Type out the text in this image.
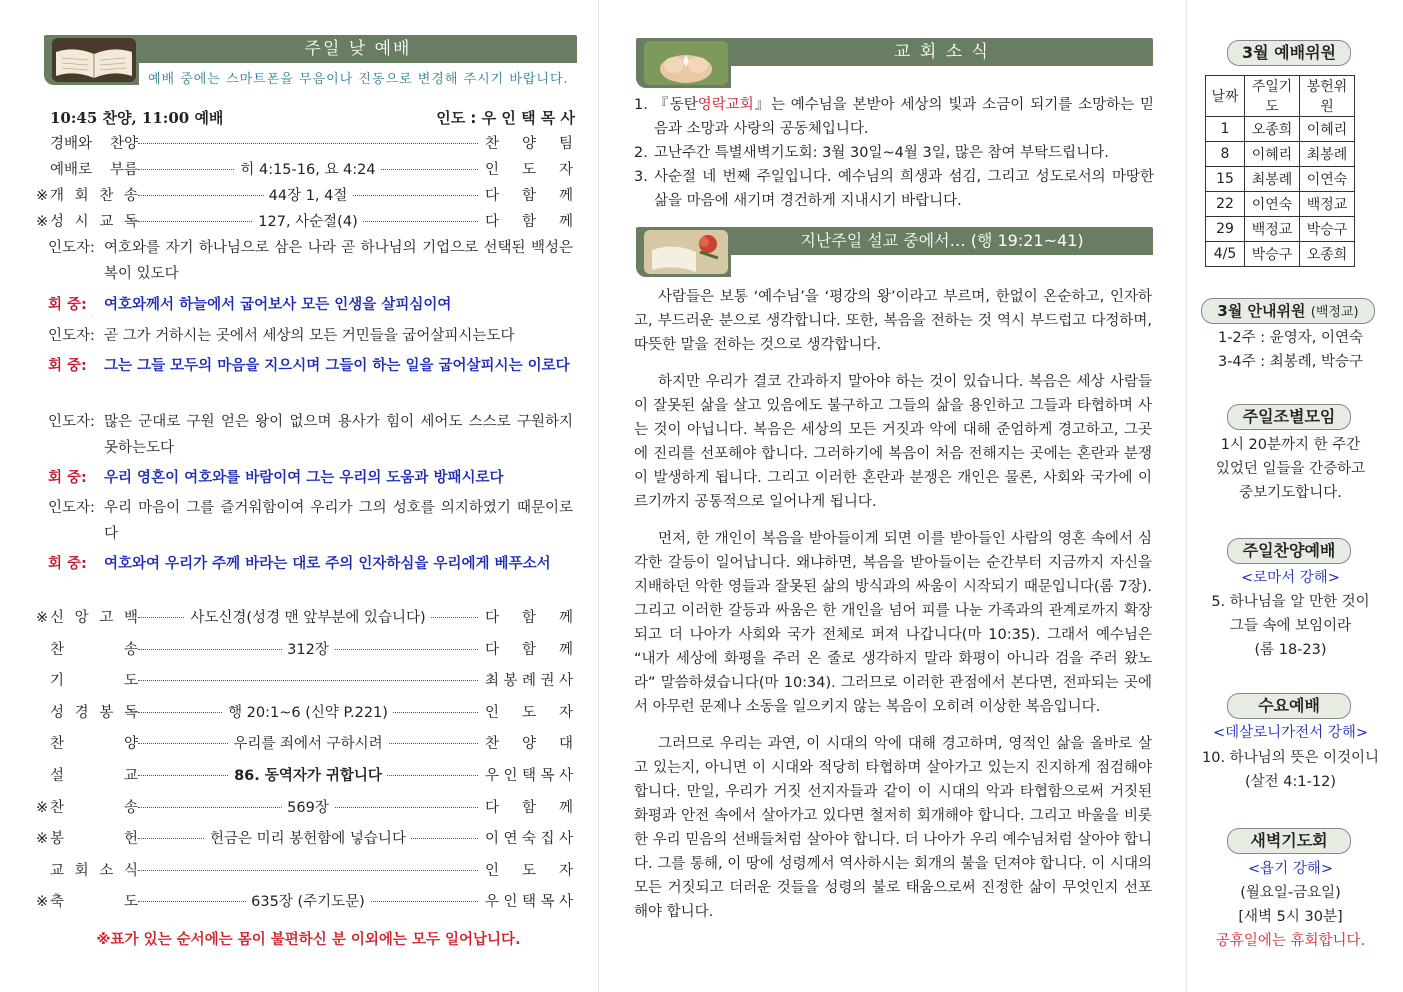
주일 낮 예배
예배 중에는 스마트폰을 무음이나 진동으로 변경해 주시기 바랍니다.
10:45 찬양, 11:00 예배	인도 : 우 인 택 목 사
경배와 찬양	찬 양 팀
예배로 부름	히 4:15-16, 요 4:24	인 도 자
※ 개 회 찬 송	44장 1, 4절	다 함 께
※ 성 시 교 독	127, 사순절(4)	다 함 께
인도자: 여호와를 자기 하나님으로 삼은 나라 곧 하나님의 기업으로 선택된 백성은 복이 있도다
회 중:	여호와께서 하늘에서 굽어보사 모든 인생을 살피심이여
인도자: 곧 그가 거하시는 곳에서 세상의 모든 거민들을 굽어살피시는도다
회 중:	그는 그들 모두의 마음을 지으시며 그들이 하는 일을 굽어살피시는 이로다
인도자: 많은 군대로 구원 얻은 왕이 없으며 용사가 힘이 세어도 스스로 구원하지 못하는도다
회 중:	우리 영혼이 여호와를 바람이여 그는 우리의 도움과 방패시로다
인도자: 우리 마음이 그를 즐거워함이여 우리가 그의 성호를 의지하였기 때문이로다
회 중:	여호와여 우리가 주께 바라는 대로 주의 인자하심을 우리에게 베푸소서
※ 신 앙 고 백	사도신경(성경 맨 앞부분에 있습니다)	다 함 께
찬	송	312장	다 함 께
기	도	최 봉 례 권 사
성 경 봉 독	행 20:1~6 (신약 P.221)	인 도 자
찬	양	우리를 죄에서 구하시려	찬 양 대
설	교	86. 동역자가 귀합니다	우 인 택 목 사
※ 찬	송	569장	다 함 께
※ 봉	헌	헌금은 미리 봉헌함에 넣습니다	이 연 숙 집 사
교 회 소 식	인 도 자
※ 축	도	635장 (주기도문)	우 인 택 목 사
※표가 있는 순서에는 몸이 불편하신 분 이외에는 모두 일어납니다.
교 회 소 식
1. 『동탄영락교회』는 예수님을 본받아 세상의 빛과 소금이 되기를 소망하는 믿음과 소망과 사랑의 공동체입니다.
2. 고난주간 특별새벽기도회: 3월 30일~4월 3일, 많은 참여 부탁드립니다.
3. 사순절 네 번째 주일입니다. 예수님의 희생과 섬김, 그리고 성도로서의 마땅한 삶을 마음에 새기며 경건하게 지내시기 바랍니다.
지난주일 설교 중에서… (행 19:21~41)

사람들은 보통 ‘예수님’을 ‘평강의 왕’이라고 부르며, 한없이 온순하고, 인자하고, 부드러운 분으로 생각합니다. 또한, 복음을 전하는 것 역시 부드럽고 다정하며, 따뜻한 말을 전하는 것으로 생각합니다.

하지만 우리가 결코 간과하지 말아야 하는 것이 있습니다. 복음은 세상 사람들이 잘못된 삶을 살고 있음에도 불구하고 그들의 삶을 용인하고 그들과 타협하며 사는 것이 아닙니다. 복음은 세상의 모든 거짓과 악에 대해 준엄하게 경고하고, 그곳에 진리를 선포해야 합니다. 그러하기에 복음이 처음 전해지는 곳에는 혼란과 분쟁이 발생하게 됩니다. 그리고 이러한 혼란과 분쟁은 개인은 물론, 사회와 국가에 이르기까지 공통적으로 일어나게 됩니다.

먼저, 한 개인이 복음을 받아들이게 되면 이를 받아들인 사람의 영혼 속에서 심각한 갈등이 일어납니다. 왜냐하면, 복음을 받아들이는 순간부터 지금까지 자신을 지배하던 악한 영들과 잘못된 삶의 방식과의 싸움이 시작되기 때문입니다(롬 7장). 그리고 이러한 갈등과 싸움은 한 개인을 넘어 피를 나눈 가족과의 관계로까지 확장되고 더 나아가 사회와 국가 전체로 퍼져 나갑니다(마 10:35). 그래서 예수님은 “내가 세상에 화평을 주러 온 줄로 생각하지 말라 화평이 아니라 검을 주러 왔노라” 말씀하셨습니다(마 10:34). 그러므로 이러한 관점에서 본다면, 전파되는 곳에서 아무런 문제나 소동을 일으키지 않는 복음이 오히려 이상한 복음입니다.

그러므로 우리는 과연, 이 시대의 악에 대해 경고하며, 영적인 삶을 올바로 살고 있는지, 아니면 이 시대와 적당히 타협하며 살아가고 있는지 진지하게 점검해야 합니다. 만일, 우리가 거짓 선지자들과 같이 이 시대의 악과 타협함으로써 거짓된 화평과 안전 속에서 살아가고 있다면 철저히 회개해야 합니다. 그리고 바울을 비롯한 우리 믿음의 선배들처럼 살아야 합니다. 더 나아가 우리 예수님처럼 살아야 합니다. 그를 통해, 이 땅에 성령께서 역사하시는 회개의 불을 던져야 합니다. 이 시대의 모든 거짓되고 더러운 것들을 성령의 불로 태움으로써 진정한 삶이 무엇인지 선포해야 합니다.

3월 예배위원
날짜	주일기도	봉헌위원
1	오종희	이혜리
8	이혜리	최봉례
15	최봉례	이연숙
22	이연숙	백정교
29	백정교	박승구
4/5	박승구	오종희
3월 안내위원 (백정교)
1-2주 : 윤영자, 이연숙
3-4주 : 최봉례, 박승구
주일조별모임
1시 20분까지 한 주간
있었던 일들을 간증하고
중보기도합니다.
주일찬양예배
<로마서 강해>
5. 하나님을 알 만한 것이
그들 속에 보임이라
(롬 18-23)
수요예배
<데살로니가전서 강해>
10. 하나님의 뜻은 이것이니
(살전 4:1-12)
새벽기도회
<욥기 강해>
(월요일-금요일)
[새벽 5시 30분]
공휴일에는 휴회합니다.
